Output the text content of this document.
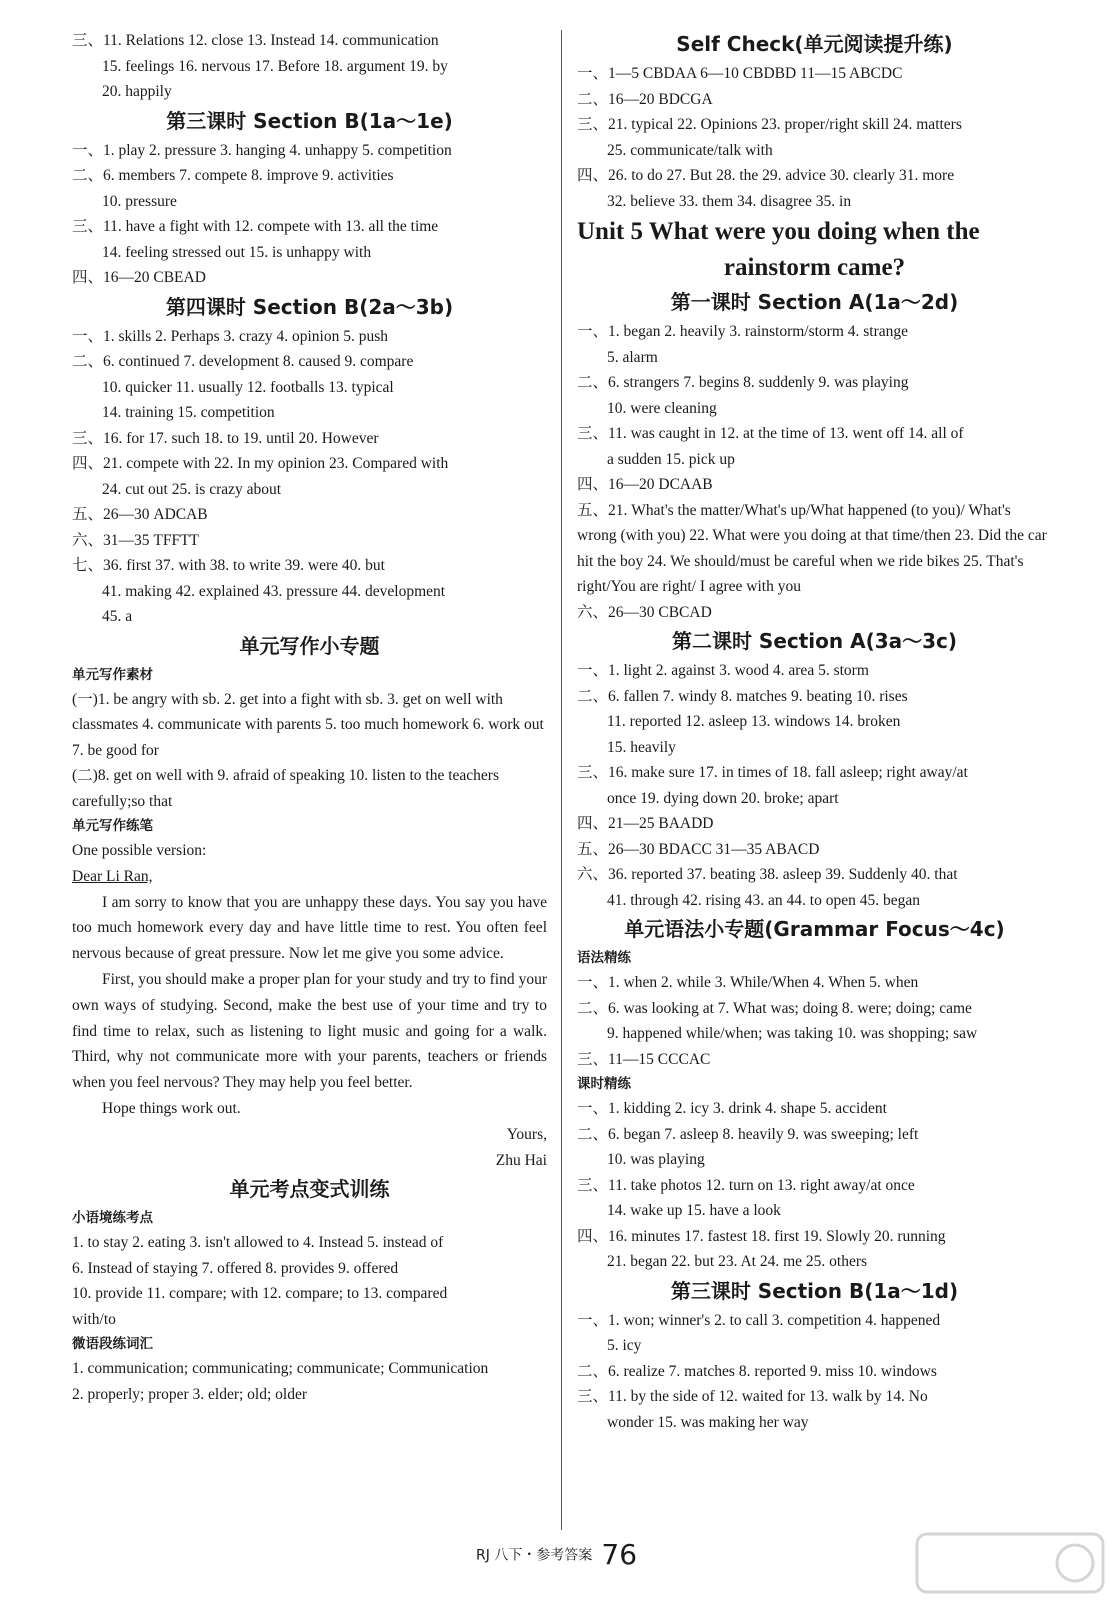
三、11. Relations 12. close 13. Instead 14. communication
15. feelings 16. nervous 17. Before 18. argument 19. by
20. happily
第三课时 Section B(1a～1e)
一、1. play 2. pressure 3. hanging 4. unhappy 5. competition
二、6. members 7. compete 8. improve 9. activities
10. pressure
三、11. have a fight with 12. compete with 13. all the time
14. feeling stressed out 15. is unhappy with
四、16—20 CBEAD
第四课时 Section B(2a～3b)
一、1. skills 2. Perhaps 3. crazy 4. opinion 5. push
二、6. continued 7. development 8. caused 9. compare
10. quicker 11. usually 12. footballs 13. typical
14. training 15. competition
三、16. for 17. such 18. to 19. until 20. However
四、21. compete with 22. In my opinion 23. Compared with
24. cut out 25. is crazy about
五、26—30 ADCAB
六、31—35 TFFTT
七、36. first 37. with 38. to write 39. were 40. but
41. making 42. explained 43. pressure 44. development
45. a
单元写作小专题
单元写作素材
(一)1. be angry with sb. 2. get into a fight with sb. 3. get on well with classmates 4. communicate with parents 5. too much homework 6. work out 7. be good for
(二)8. get on well with 9. afraid of speaking 10. listen to the teachers carefully;so that
单元写作练笔
One possible version:
Dear Li Ran,
I am sorry to know that you are unhappy these days. You say you have too much homework every day and have little time to rest. You often feel nervous because of great pressure. Now let me give you some advice.
First, you should make a proper plan for your study and try to find your own ways of studying. Second, make the best use of your time and try to find time to relax, such as listening to light music and going for a walk. Third, why not communicate more with your parents, teachers or friends when you feel nervous? They may help you feel better.
Hope things work out.
Yours,
Zhu Hai
单元考点变式训练
小语境练考点
1. to stay 2. eating 3. isn't allowed to 4. Instead 5. instead of
6. Instead of staying 7. offered 8. provides 9. offered
10. provide 11. compare; with 12. compare; to 13. compared
with/to
微语段练词汇
1. communication; communicating; communicate; Communication
2. properly; proper 3. elder; old; older
Self Check(单元阅读提升练)
一、1—5 CBDAA 6—10 CBDBD 11—15 ABCDC
二、16—20 BDCGA
三、21. typical 22. Opinions 23. proper/right skill 24. matters
25. communicate/talk with
四、26. to do 27. But 28. the 29. advice 30. clearly 31. more
32. believe 33. them 34. disagree 35. in
Unit 5 What were you doing when the
rainstorm came?
第一课时 Section A(1a～2d)
一、1. began 2. heavily 3. rainstorm/storm 4. strange
5. alarm
二、6. strangers 7. begins 8. suddenly 9. was playing
10. were cleaning
三、11. was caught in 12. at the time of 13. went off 14. all of
a sudden 15. pick up
四、16—20 DCAAB
五、21. What's the matter/What's up/What happened (to you)/ What's wrong (with you) 22. What were you doing at that time/then 23. Did the car hit the boy 24. We should/must be careful when we ride bikes 25. That's right/You are right/ I agree with you
六、26—30 CBCAD
第二课时 Section A(3a～3c)
一、1. light 2. against 3. wood 4. area 5. storm
二、6. fallen 7. windy 8. matches 9. beating 10. rises
11. reported 12. asleep 13. windows 14. broken
15. heavily
三、16. make sure 17. in times of 18. fall asleep; right away/at
once 19. dying down 20. broke; apart
四、21—25 BAADD
五、26—30 BDACC 31—35 ABACD
六、36. reported 37. beating 38. asleep 39. Suddenly 40. that
41. through 42. rising 43. an 44. to open 45. began
单元语法小专题(Grammar Focus～4c)
语法精练
一、1. when 2. while 3. While/When 4. When 5. when
二、6. was looking at 7. What was; doing 8. were; doing; came
9. happened while/when; was taking 10. was shopping; saw
三、11—15 CCCAC
课时精练
一、1. kidding 2. icy 3. drink 4. shape 5. accident
二、6. began 7. asleep 8. heavily 9. was sweeping; left
10. was playing
三、11. take photos 12. turn on 13. right away/at once
14. wake up 15. have a look
四、16. minutes 17. fastest 18. first 19. Slowly 20. running
21. began 22. but 23. At 24. me 25. others
第三课时 Section B(1a～1d)
一、1. won; winner's 2. to call 3. competition 4. happened
5. icy
二、6. realize 7. matches 8. reported 9. miss 10. windows
三、11. by the side of 12. waited for 13. walk by 14. No
wonder 15. was making her way
RJ 八下・参考答案 76
